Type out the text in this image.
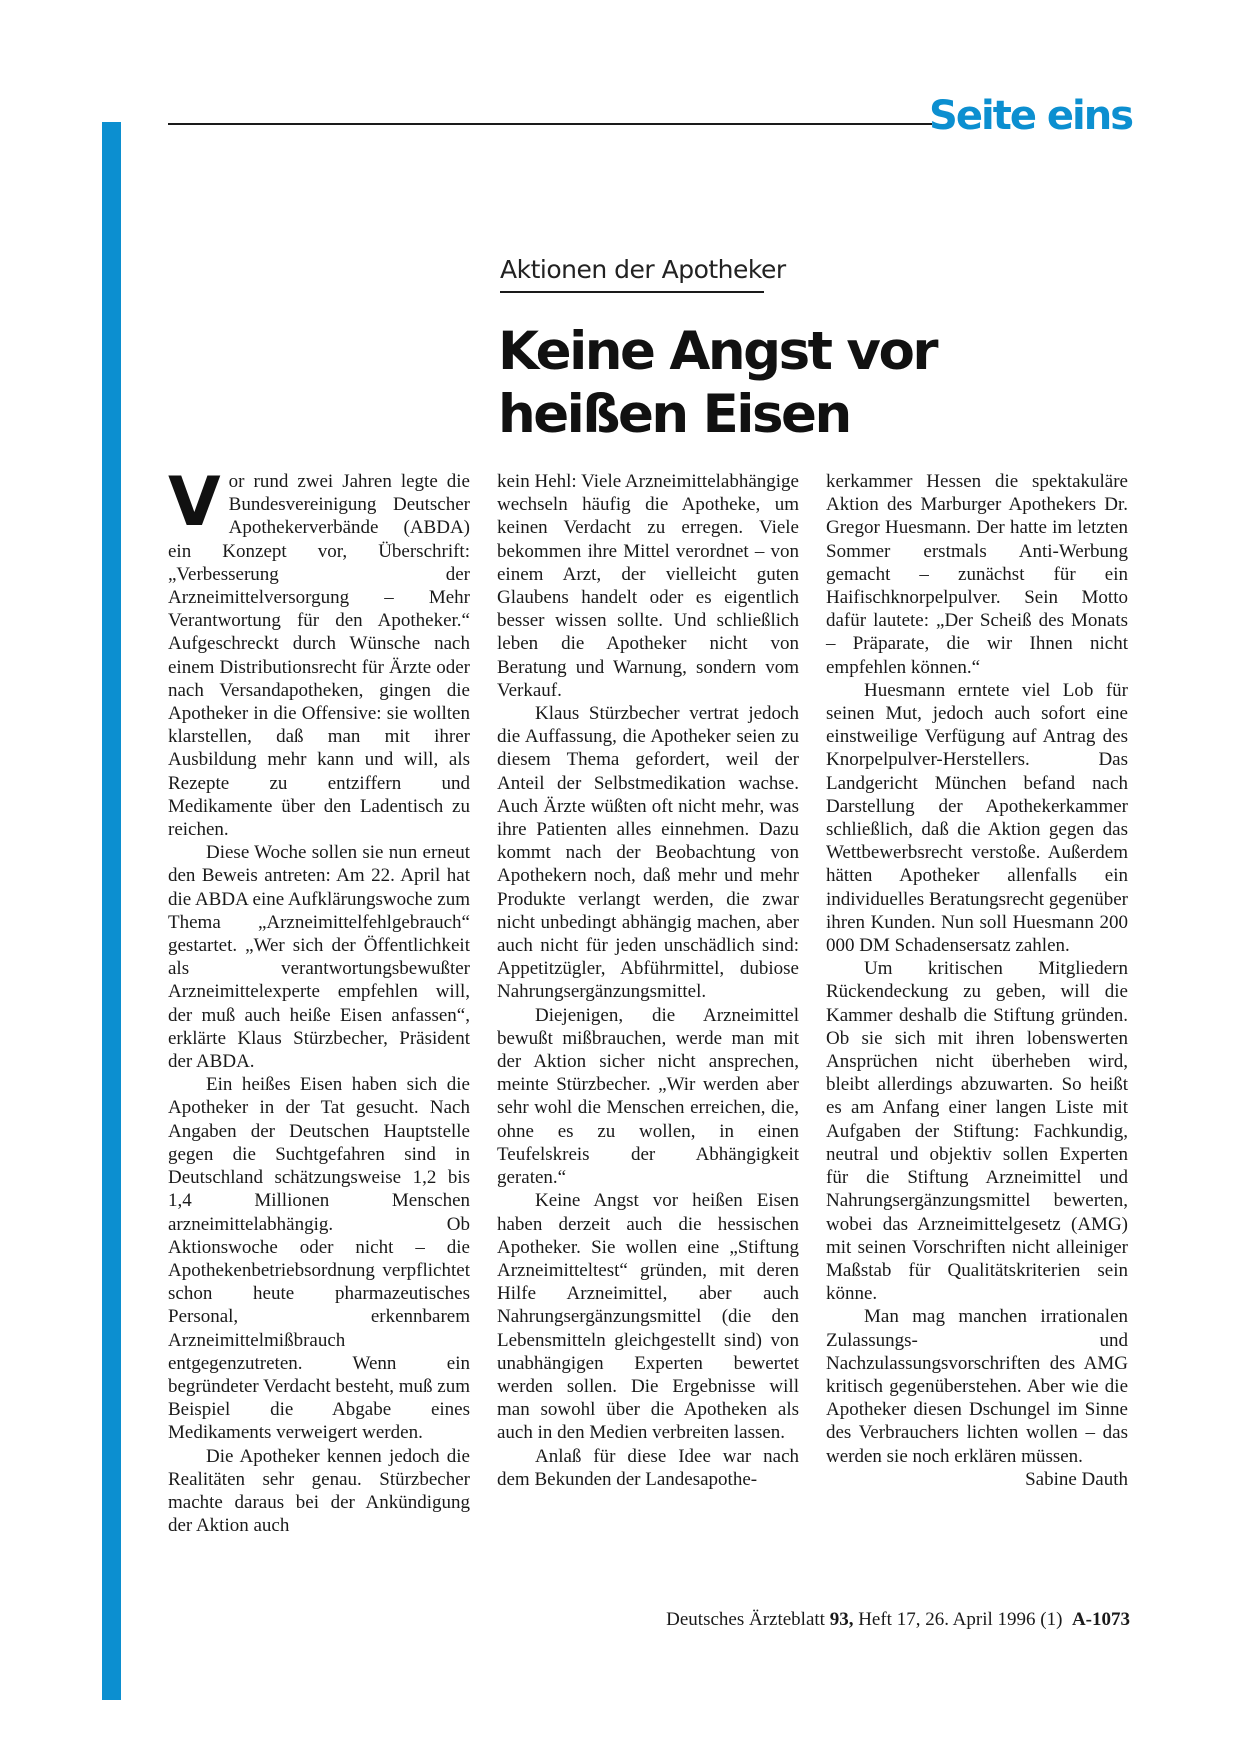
Seite eins
Aktionen der Apotheker
Keine Angst vor
heißen Eisen

Vor rund zwei Jahren legte die Bundesvereinigung Deutscher Apothekerverbände (ABDA) ein Konzept vor, Überschrift: „Verbesserung der Arzneimittelversorgung – Mehr Verantwortung für den Apotheker.“ Aufgeschreckt durch Wünsche nach einem Distributionsrecht für Ärzte oder nach Versandapotheken, gingen die Apotheker in die Offensive: sie wollten klarstellen, daß man mit ihrer Ausbildung mehr kann und will, als Rezepte zu entziffern und Medikamente über den Ladentisch zu reichen.

Diese Woche sollen sie nun erneut den Beweis antreten: Am 22. April hat die ABDA eine Aufklärungswoche zum Thema „Arzneimittelfehlgebrauch“ gestartet. „Wer sich der Öffentlichkeit als verantwortungsbewußter Arzneimittelexperte empfehlen will, der muß auch heiße Eisen anfassen“, erklärte Klaus Stürzbecher, Präsident der ABDA.

Ein heißes Eisen haben sich die Apotheker in der Tat gesucht. Nach Angaben der Deutschen Hauptstelle gegen die Suchtgefahren sind in Deutschland schätzungsweise 1,2 bis 1,4 Millionen Menschen arzneimittelabhängig. Ob Aktionswoche oder nicht – die Apothekenbetriebsordnung verpflichtet schon heute pharmazeutisches Personal, erkennbarem Arzneimittelmißbrauch entgegenzutreten. Wenn ein begründeter Verdacht besteht, muß zum Beispiel die Abgabe eines Medikaments verweigert werden.

Die Apotheker kennen jedoch die Realitäten sehr genau. Stürzbecher machte daraus bei der Ankündigung der Aktion auch

kein Hehl: Viele Arzneimittelabhängige wechseln häufig die Apotheke, um keinen Verdacht zu erregen. Viele bekommen ihre Mittel verordnet – von einem Arzt, der vielleicht guten Glaubens handelt oder es eigentlich besser wissen sollte. Und schließlich leben die Apotheker nicht von Beratung und Warnung, sondern vom Verkauf.

Klaus Stürzbecher vertrat jedoch die Auffassung, die Apotheker seien zu diesem Thema gefordert, weil der Anteil der Selbstmedikation wachse. Auch Ärzte wüßten oft nicht mehr, was ihre Patienten alles einnehmen. Dazu kommt nach der Beobachtung von Apothekern noch, daß mehr und mehr Produkte verlangt werden, die zwar nicht unbedingt abhängig machen, aber auch nicht für jeden unschädlich sind: Appetitzügler, Abführmittel, dubiose Nahrungsergänzungsmittel.

Diejenigen, die Arzneimittel bewußt mißbrauchen, werde man mit der Aktion sicher nicht ansprechen, meinte Stürzbecher. „Wir werden aber sehr wohl die Menschen erreichen, die, ohne es zu wollen, in einen Teufelskreis der Abhängigkeit geraten.“

Keine Angst vor heißen Eisen haben derzeit auch die hessischen Apotheker. Sie wollen eine „Stiftung Arzneimitteltest“ gründen, mit deren Hilfe Arzneimittel, aber auch Nahrungsergänzungsmittel (die den Lebensmitteln gleichgestellt sind) von unabhängigen Experten bewertet werden sollen. Die Ergebnisse will man sowohl über die Apotheken als auch in den Medien verbreiten lassen.

Anlaß für diese Idee war nach dem Bekunden der Landesapothe-

kerkammer Hessen die spektakuläre Aktion des Marburger Apothekers Dr. Gregor Huesmann. Der hatte im letzten Sommer erstmals Anti-Werbung gemacht – zunächst für ein Haifischknorpelpulver. Sein Motto dafür lautete: „Der Scheiß des Monats – Präparate, die wir Ihnen nicht empfehlen können.“

Huesmann erntete viel Lob für seinen Mut, jedoch auch sofort eine einstweilige Verfügung auf Antrag des Knorpelpulver-Herstellers. Das Landgericht München befand nach Darstellung der Apothekerkammer schließlich, daß die Aktion gegen das Wettbewerbsrecht verstoße. Außerdem hätten Apotheker allenfalls ein individuelles Beratungsrecht gegenüber ihren Kunden. Nun soll Huesmann 200 000 DM Schadensersatz zahlen.

Um kritischen Mitgliedern Rückendeckung zu geben, will die Kammer deshalb die Stiftung gründen. Ob sie sich mit ihren lobenswerten Ansprüchen nicht überheben wird, bleibt allerdings abzuwarten. So heißt es am Anfang einer langen Liste mit Aufgaben der Stiftung: Fachkundig, neutral und objektiv sollen Experten für die Stiftung Arzneimittel und Nahrungsergänzungsmittel bewerten, wobei das Arzneimittelgesetz (AMG) mit seinen Vorschriften nicht alleiniger Maßstab für Qualitätskriterien sein könne.

Man mag manchen irrationalen Zulassungs- und Nachzulassungsvorschriften des AMG kritisch gegenüberstehen. Aber wie die Apotheker diesen Dschungel im Sinne des Verbrauchers lichten wollen – das werden sie noch erklären müssen.
Sabine Dauth

Deutsches Ärzteblatt 93, Heft 17, 26. April 1996 (1) A-1073
